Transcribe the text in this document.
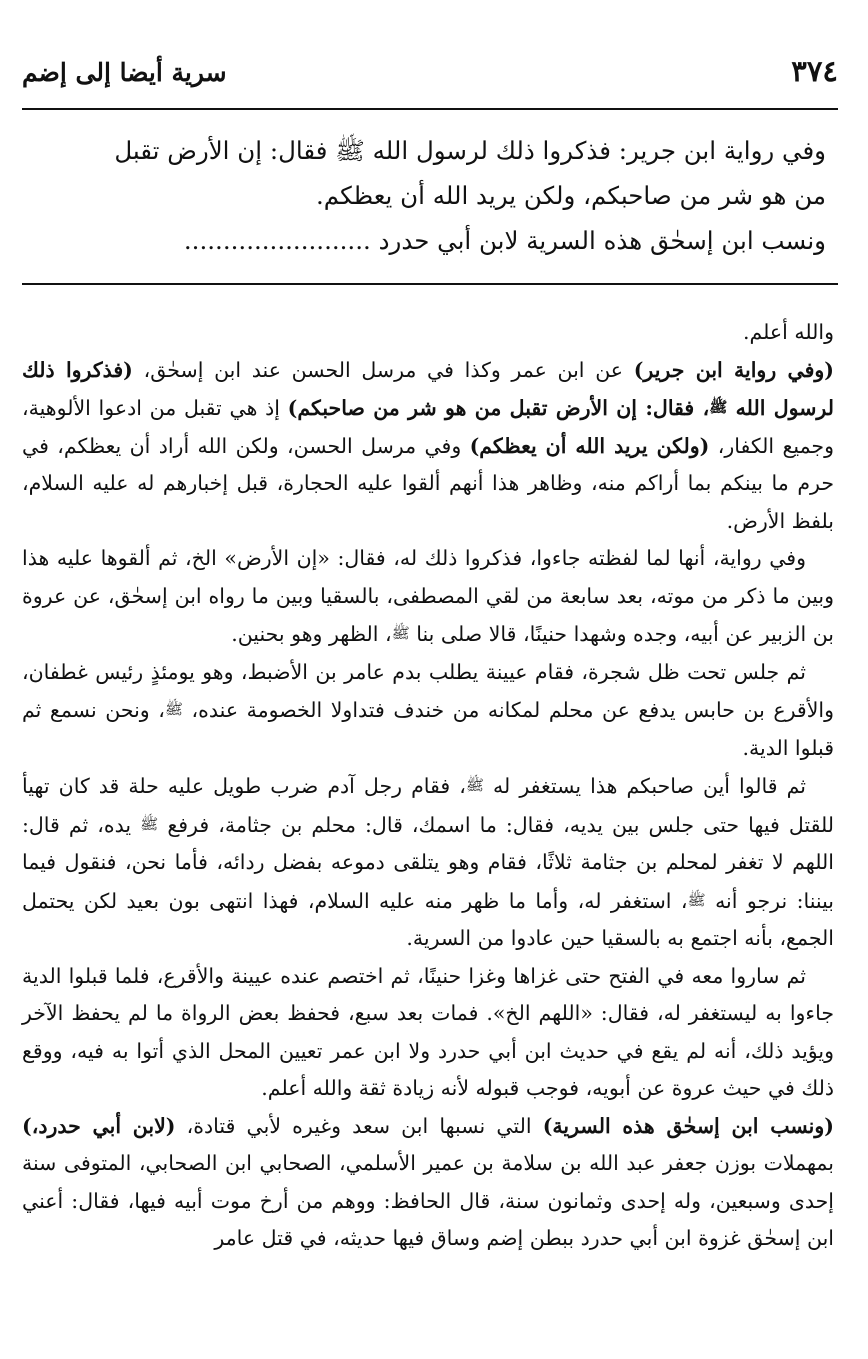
٣٧٤
سرية أيضا إلى إضم

وفي رواية ابن جرير: فذكروا ذلك لرسول الله ﷺ فقال: إن الأرض تقبل

من هو شر من صاحبكم، ولكن يريد الله أن يعظكم.

ونسب ابن إسحٰق هذه السرية لابن أبي حدرد ........................

والله أعلم.

(وفي رواية ابن جرير) عن ابن عمر وكذا في مرسل الحسن عند ابن إسحٰق، (فذكروا ذلك لرسول الله ﷺ، فقال: إن الأرض تقبل من هو شر من صاحبكم) إذ هي تقبل من ادعوا الألوهية، وجميع الكفار، (ولكن يريد الله أن يعظكم) وفي مرسل الحسن، ولكن الله أراد أن يعظكم، في حرم ما بينكم بما أراكم منه، وظاهر هذا أنهم ألقوا عليه الحجارة، قبل إخبارهم له عليه السلام، بلفظ الأرض.

وفي رواية، أنها لما لفظته جاءوا، فذكروا ذلك له، فقال: «إن الأرض» الخ، ثم ألقوها عليه هذا وبين ما ذكر من موته، بعد سابعة من لقي المصطفى، بالسقيا وبين ما رواه ابن إسحٰق، عن عروة بن الزبير عن أبيه، وجده وشهدا حنينًا، قالا صلى بنا ﷺ، الظهر وهو بحنين.

ثم جلس تحت ظل شجرة، فقام عيينة يطلب بدم عامر بن الأضبط، وهو يومئذٍ رئيس غطفان، والأقرع بن حابس يدفع عن محلم لمكانه من خندف فتداولا الخصومة عنده، ﷺ، ونحن نسمع ثم قبلوا الدية.

ثم قالوا أين صاحبكم هذا يستغفر له ﷺ، فقام رجل آدم ضرب طويل عليه حلة قد كان تهيأ للقتل فيها حتى جلس بين يديه، فقال: ما اسمك، قال: محلم بن جثامة، فرفع ﷺ يده، ثم قال: اللهم لا تغفر لمحلم بن جثامة ثلاثًا، فقام وهو يتلقى دموعه بفضل ردائه، فأما نحن، فنقول فيما بيننا: نرجو أنه ﷺ، استغفر له، وأما ما ظهر منه عليه السلام، فهذا انتهى بون بعيد لكن يحتمل الجمع، بأنه اجتمع به بالسقيا حين عادوا من السرية.

ثم ساروا معه في الفتح حتى غزاها وغزا حنينًا، ثم اختصم عنده عيينة والأقرع، فلما قبلوا الدية جاءوا به ليستغفر له، فقال: «اللهم الخ». فمات بعد سبع، فحفظ بعض الرواة ما لم يحفظ الآخر ويؤيد ذلك، أنه لم يقع في حديث ابن أبي حدرد ولا ابن عمر تعيين المحل الذي أتوا به فيه، ووقع ذلك في حيث عروة عن أبويه، فوجب قبوله لأنه زيادة ثقة والله أعلم.

(ونسب ابن إسحٰق هذه السرية) التي نسبها ابن سعد وغيره لأبي قتادة، (لابن أبي حدرد،) بمهملات بوزن جعفر عبد الله بن سلامة بن عمير الأسلمي، الصحابي ابن الصحابي، المتوفى سنة إحدى وسبعين، وله إحدى وثمانون سنة، قال الحافظ: ووهم من أرخ موت أبيه فيها، فقال: أعني ابن إسحٰق غزوة ابن أبي حدرد ببطن إضم وساق فيها حديثه، في قتل عامر
